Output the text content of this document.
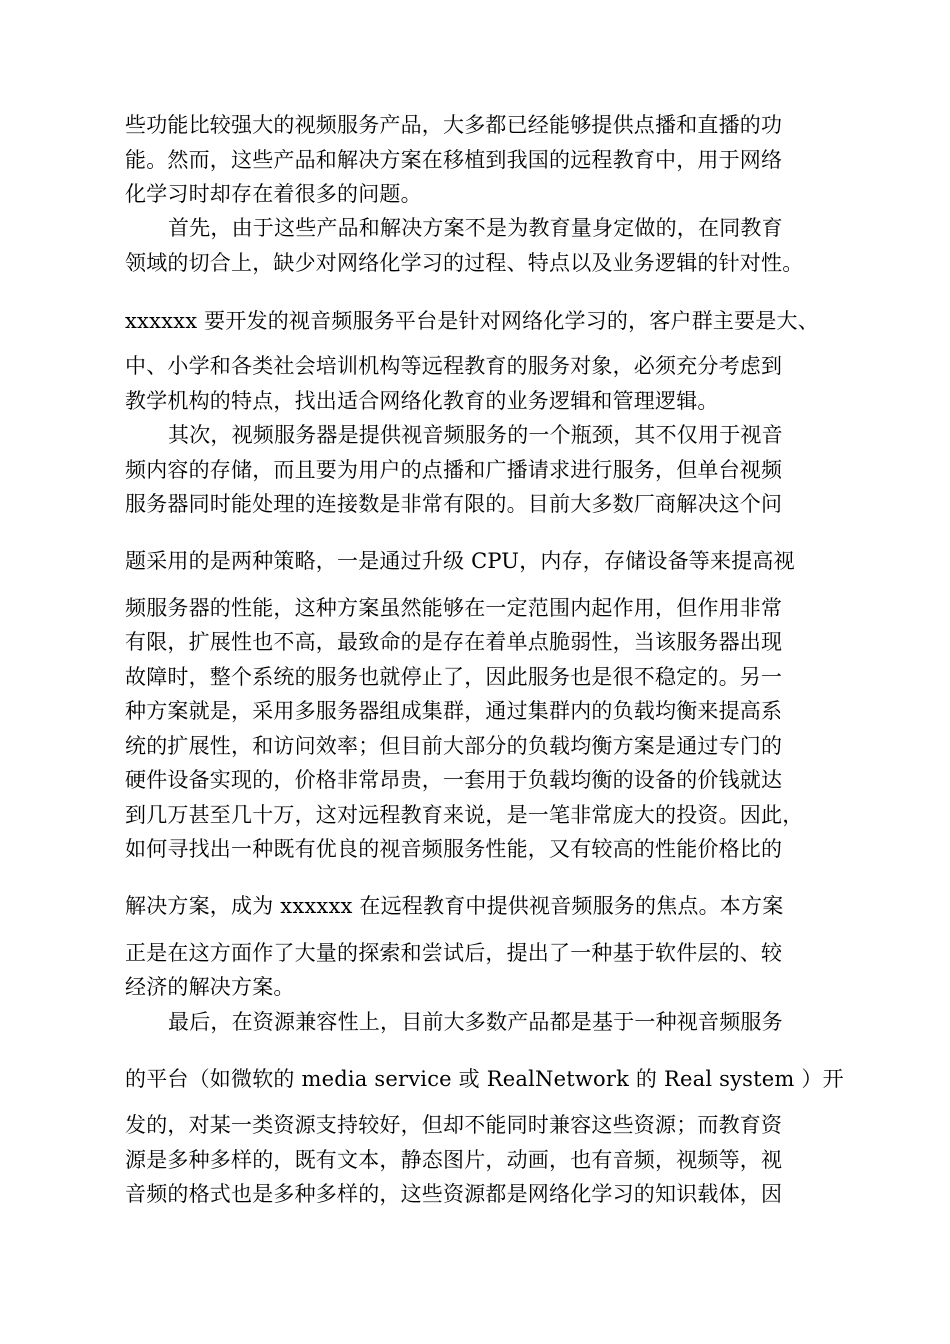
些功能比较强大的视频服务产品，大多都已经能够提供点播和直播的功
能。然而，这些产品和解决方案在移植到我国的远程教育中，用于网络
化学习时却存在着很多的问题。
首先，由于这些产品和解决方案不是为教育量身定做的，在同教育
领域的切合上，缺少对网络化学习的过程、特点以及业务逻辑的针对性。
xxxxxx 要开发的视音频服务平台是针对网络化学习的，客户群主要是大、
中、小学和各类社会培训机构等远程教育的服务对象，必须充分考虑到
教学机构的特点，找出适合网络化教育的业务逻辑和管理逻辑。
其次，视频服务器是提供视音频服务的一个瓶颈，其不仅用于视音
频内容的存储，而且要为用户的点播和广播请求进行服务，但单台视频
服务器同时能处理的连接数是非常有限的。目前大多数厂商解决这个问
题采用的是两种策略，一是通过升级 CPU，内存，存储设备等来提高视
频服务器的性能，这种方案虽然能够在一定范围内起作用，但作用非常
有限，扩展性也不高，最致命的是存在着单点脆弱性，当该服务器出现
故障时，整个系统的服务也就停止了，因此服务也是很不稳定的。另一
种方案就是，采用多服务器组成集群，通过集群内的负载均衡来提高系
统的扩展性，和访问效率；但目前大部分的负载均衡方案是通过专门的
硬件设备实现的，价格非常昂贵，一套用于负载均衡的设备的价钱就达
到几万甚至几十万，这对远程教育来说，是一笔非常庞大的投资。因此，
如何寻找出一种既有优良的视音频服务性能，又有较高的性能价格比的
解决方案，成为 xxxxxx 在远程教育中提供视音频服务的焦点。本方案
正是在这方面作了大量的探索和尝试后，提出了一种基于软件层的、较
经济的解决方案。
最后，在资源兼容性上，目前大多数产品都是基于一种视音频服务
的平台（如微软的 media service 或 RealNetwork 的 Real system ）开
发的，对某一类资源支持较好，但却不能同时兼容这些资源；而教育资
源是多种多样的，既有文本，静态图片，动画，也有音频，视频等，视
音频的格式也是多种多样的，这些资源都是网络化学习的知识载体，因
